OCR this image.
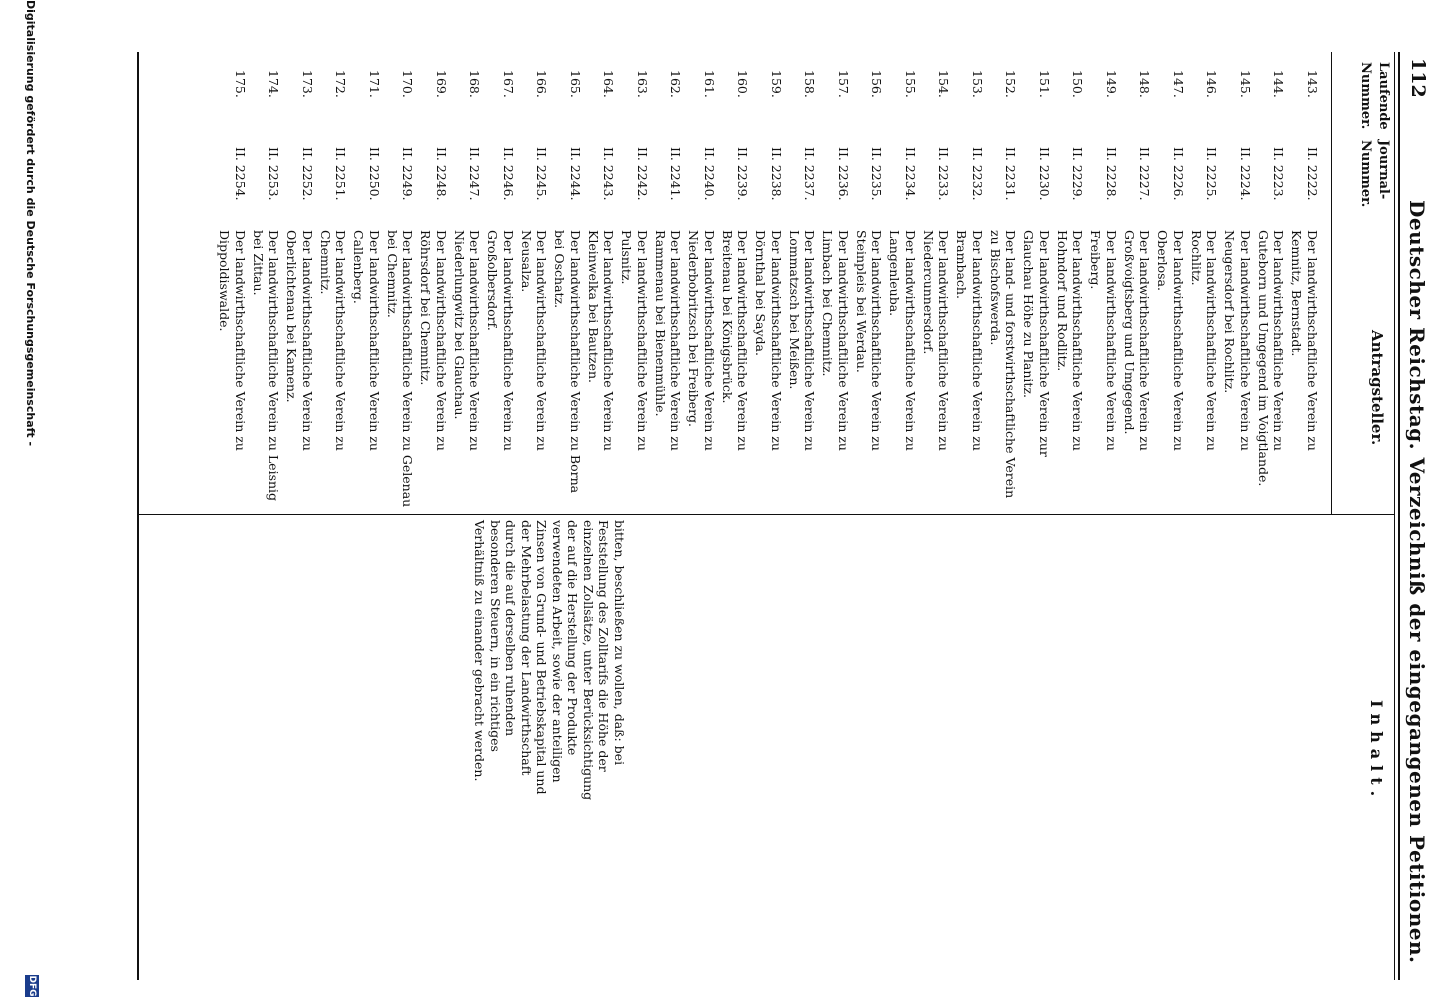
112
Deutscher Reichstag. Verzeichniß der eingegangenen Petitionen.
Laufende Nummer.
Journal-Nummer.
Antragsteller.
Inhalt.
143.
II. 2222.
Der landwirthschaftliche Verein zu Kemnitz, Bernstadt.
144.
II. 2223.
Der landwirthschaftliche Verein zu Guteborn und Umgegend im Voigtlande.
145.
II. 2224.
Der landwirthschaftliche Verein zu Neugersdorf bei Rochlitz.
146.
II. 2225.
Der landwirthschaftliche Verein zu Rochlitz.
147.
II. 2226.
Der landwirthschaftliche Verein zu Oberlosa.
148.
II. 2227.
Der landwirthschaftliche Verein zu Großvoigtsberg und Umgegend.
149.
II. 2228.
Der landwirthschaftliche Verein zu Freiberg.
150.
II. 2229.
Der landwirthschaftliche Verein zu Hohndorf und Rodlitz.
151.
II. 2230.
Der landwirthschaftliche Verein zur Glauchau Höhe zu Planitz.
152.
II. 2231.
Der land- und forstwirthschaftliche Verein zu Bischofswerda.
153.
II. 2232.
Der landwirthschaftliche Verein zu Brambach.
154.
II. 2233.
Der landwirthschaftliche Verein zu Niedercunnersdorf.
155.
II. 2234.
Der landwirthschaftliche Verein zu Langenleuba.
156.
II. 2235.
Der landwirthschaftliche Verein zu Steinpleis bei Werdau.
157.
II. 2236.
Der landwirthschaftliche Verein zu Limbach bei Chemnitz.
158.
II. 2237.
Der landwirthschaftliche Verein zu Lommatzsch bei Meißen.
159.
II. 2238.
Der landwirthschaftliche Verein zu Dörnthal bei Sayda.
160.
II. 2239.
Der landwirthschaftliche Verein zu Breitenau bei Königsbrück.
161.
II. 2240.
Der landwirthschaftliche Verein zu Niederbobritzsch bei Freiberg.
162.
II. 2241.
Der landwirthschaftliche Verein zu Rammenau bei Bienenmühle.
163.
II. 2242.
Der landwirthschaftliche Verein zu Pulsnitz.
164.
II. 2243.
Der landwirthschaftliche Verein zu Kleinwelka bei Bautzen.
165.
II. 2244.
Der landwirthschaftliche Verein zu Borna bei Oschatz.
166.
II. 2245.
Der landwirthschaftliche Verein zu Neusalza.
167.
II. 2246.
Der landwirthschaftliche Verein zu Großolbersdorf.
168.
II. 2247.
Der landwirthschaftliche Verein zu Niederlungwitz bei Glauchau.
169.
II. 2248.
Der landwirthschaftliche Verein zu Röhrsdorf bei Chemnitz.
170.
II. 2249.
Der landwirthschaftliche Verein zu Gelenau bei Chemnitz.
171.
II. 2250.
Der landwirthschaftliche Verein zu Callenberg.
172.
II. 2251.
Der landwirthschaftliche Verein zu Chemnitz.
173.
II. 2252.
Der landwirthschaftliche Verein zu Oberlichtenau bei Kamenz.
174.
II. 2253.
Der landwirthschaftliche Verein zu Leisnig bei Zittau.
175.
II. 2254.
Der landwirthschaftliche Verein zu Dippoldiswalde.
bitten, beschließen zu wollen, daß: bei Feststellung des Zolltarifs die Höhe der einzelnen Zollsätze, unter Berücksichtigung der auf die Herstellung der Produkte verwendeten Arbeit, sowie der anteiligen Zinsen von Grund- und Betriebskapital und der Mehrbelastung der Landwirthschaft durch die auf derselben ruhenden besonderen Steuern, in ein richtiges Verhältniß zu einander gebracht werden.
Digitalisierung gefördert durch die Deutsche Forschungsgemeinschaft -
DFG
